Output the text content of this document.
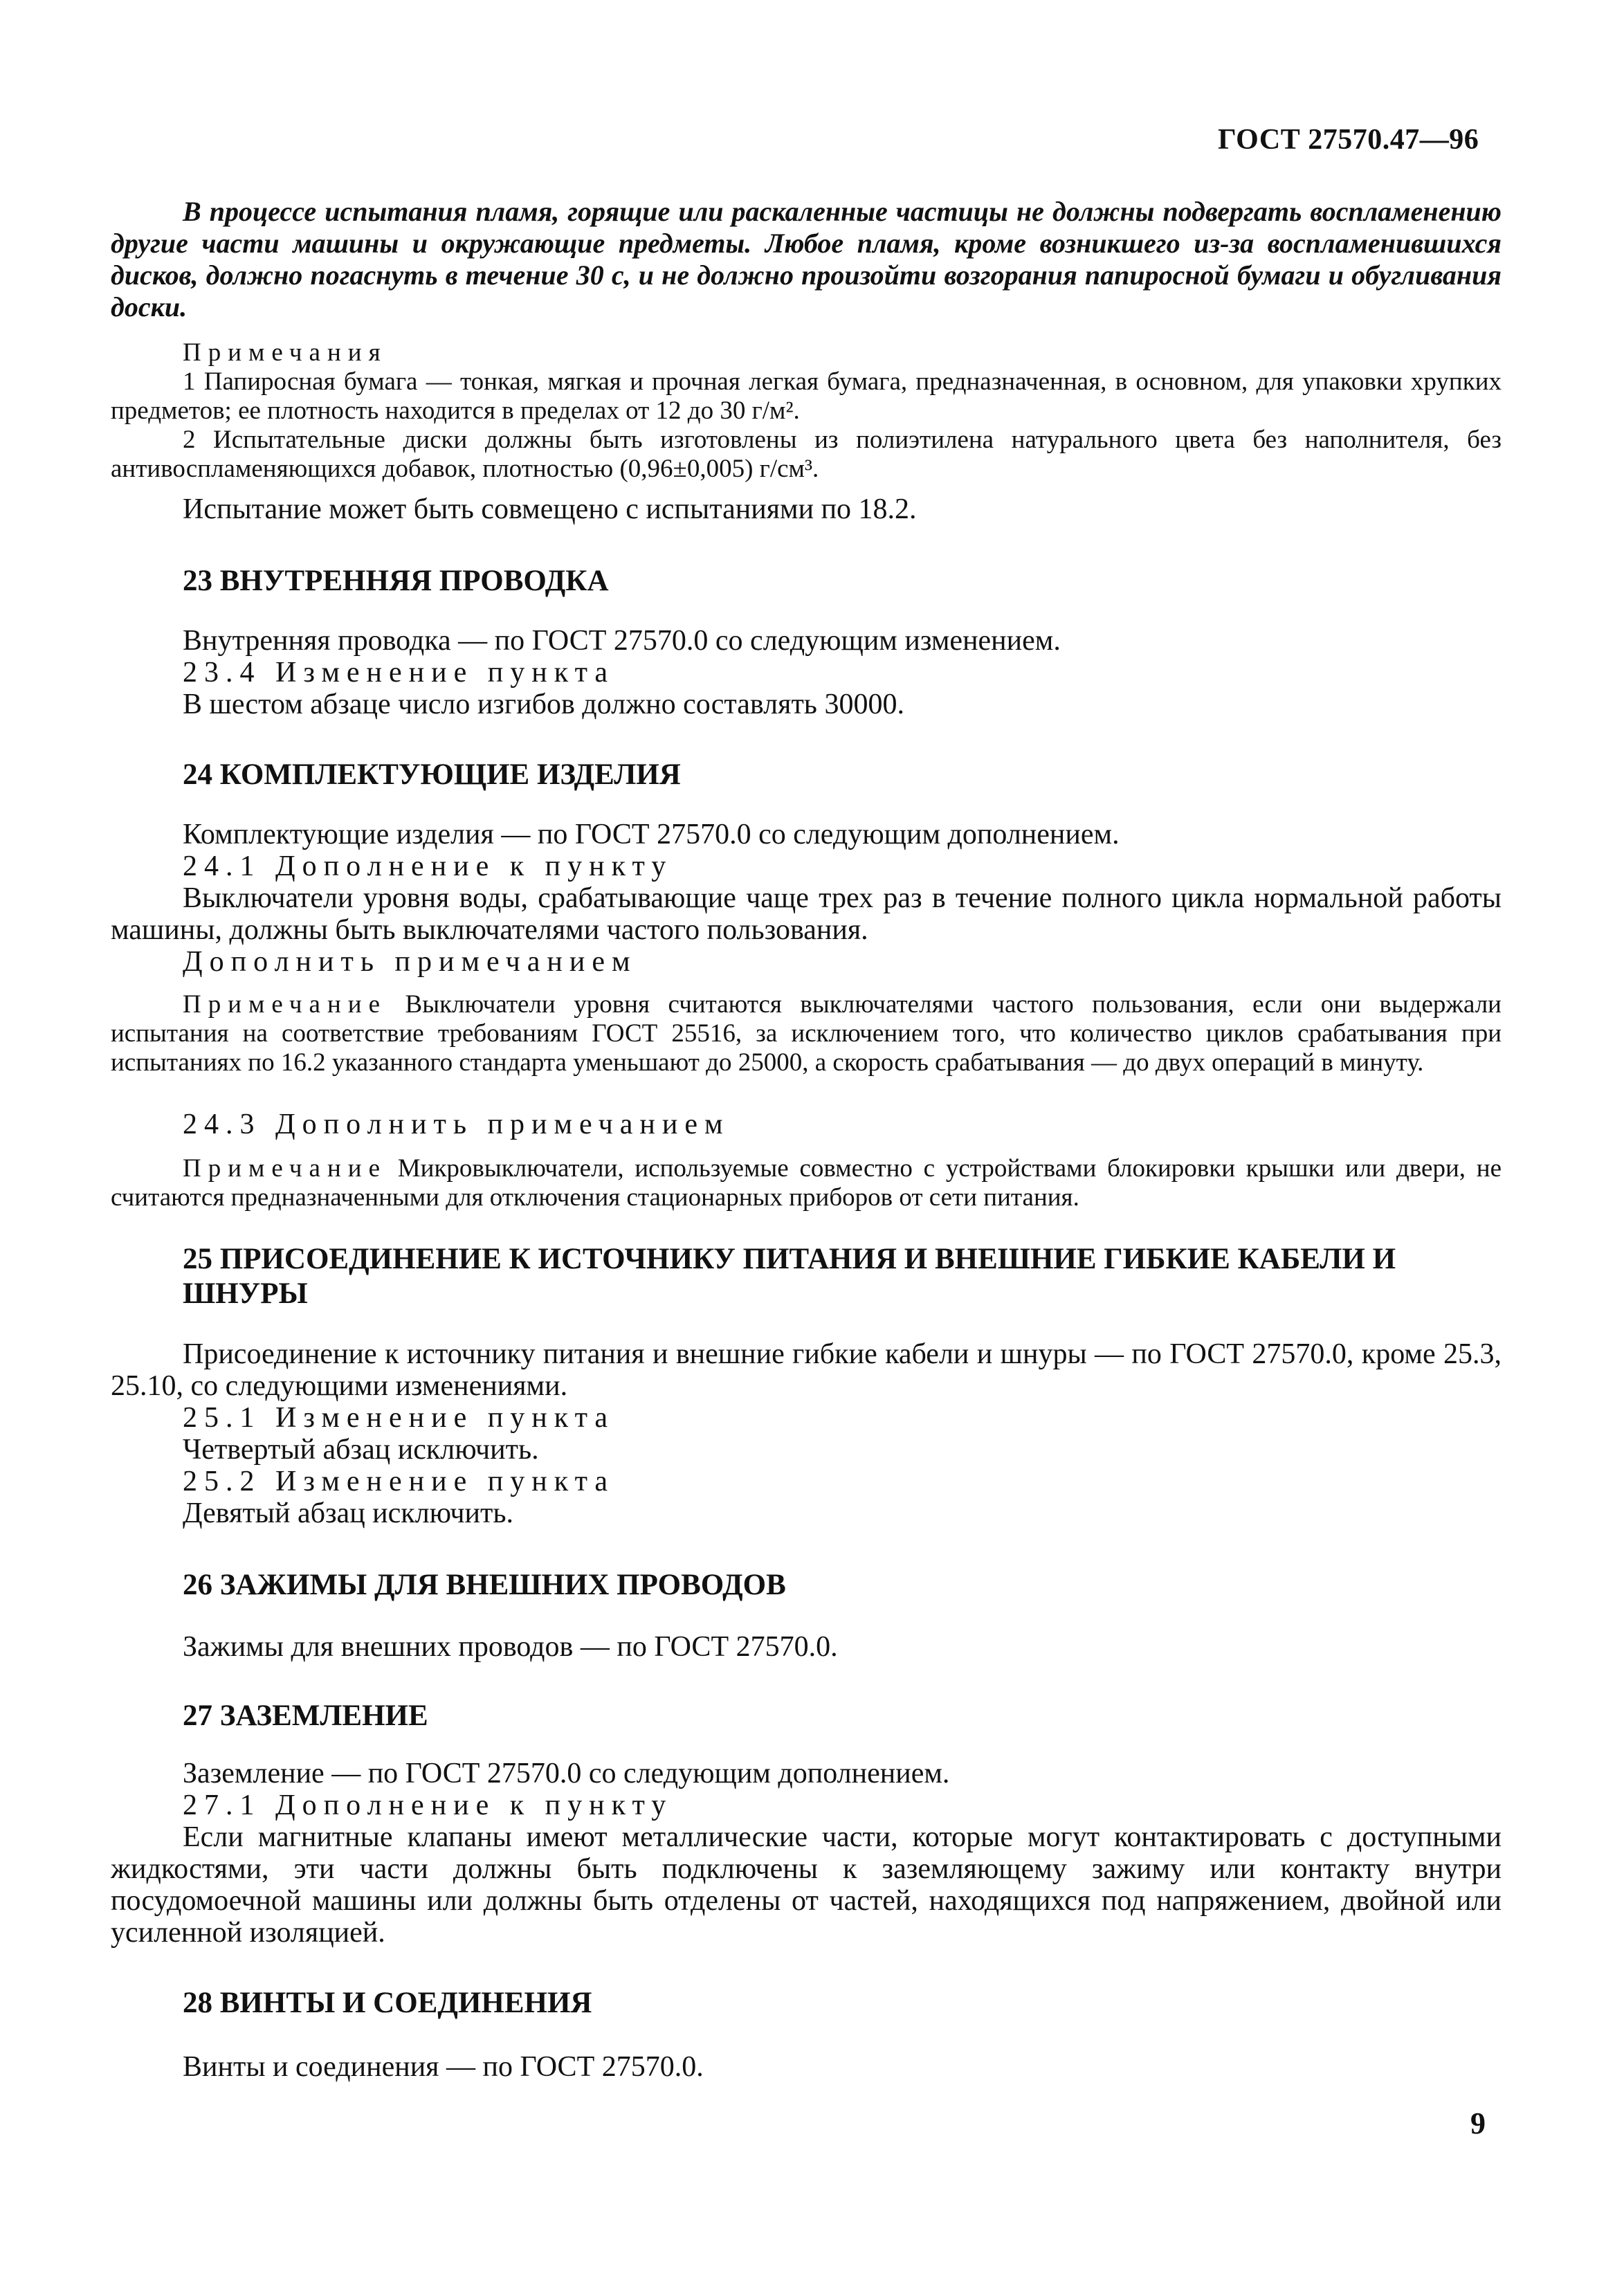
ГОСТ 27570.47—96

В процессе испытания пламя, горящие или раскаленные частицы не должны подвергать воспламенению другие части машины и окружающие предметы. Любое пламя, кроме возникшего из-за воспламенившихся дисков, должно погаснуть в течение 30 с, и не должно произойти возгорания папиросной бумаги и обугливания доски.

Примечания

1 Папиросная бумага — тонкая, мягкая и прочная легкая бумага, предназначенная, в основном, для упаковки хрупких предметов; ее плотность находится в пределах от 12 до 30 г/м².

2 Испытательные диски должны быть изготовлены из полиэтилена натурального цвета без наполнителя, без антивоспламеняющихся добавок, плотностью (0,96±0,005) г/см³.

Испытание может быть совмещено с испытаниями по 18.2.

23 ВНУТРЕННЯЯ ПРОВОДКА

Внутренняя проводка — по ГОСТ 27570.0 со следующим изменением.

23.4 Изменение пункта

В шестом абзаце число изгибов должно составлять 30000.

24 КОМПЛЕКТУЮЩИЕ ИЗДЕЛИЯ

Комплектующие изделия — по ГОСТ 27570.0 со следующим дополнением.

24.1 Дополнение к пункту

Выключатели уровня воды, срабатывающие чаще трех раз в течение полного цикла нормальной работы машины, должны быть выключателями частого пользования.

Дополнить примечанием

Примечание Выключатели уровня считаются выключателями частого пользования, если они выдержали испытания на соответствие требованиям ГОСТ 25516, за исключением того, что количество циклов срабатывания при испытаниях по 16.2 указанного стандарта уменьшают до 25000, а скорость срабатывания — до двух операций в минуту.

24.3 Дополнить примечанием

Примечание Микровыключатели, используемые совместно с устройствами блокировки крышки или двери, не считаются предназначенными для отключения стационарных приборов от сети питания.

25 ПРИСОЕДИНЕНИЕ К ИСТОЧНИКУ ПИТАНИЯ И ВНЕШНИЕ ГИБКИЕ КАБЕЛИ И ШНУРЫ

Присоединение к источнику питания и внешние гибкие кабели и шнуры — по ГОСТ 27570.0, кроме 25.3, 25.10, со следующими изменениями.

25.1 Изменение пункта

Четвертый абзац исключить.

25.2 Изменение пункта

Девятый абзац исключить.

26 ЗАЖИМЫ ДЛЯ ВНЕШНИХ ПРОВОДОВ

Зажимы для внешних проводов — по ГОСТ 27570.0.

27 ЗАЗЕМЛЕНИЕ

Заземление — по ГОСТ 27570.0 со следующим дополнением.

27.1 Дополнение к пункту

Если магнитные клапаны имеют металлические части, которые могут контактировать с доступными жидкостями, эти части должны быть подключены к заземляющему зажиму или контакту внутри посудомоечной машины или должны быть отделены от частей, находящихся под напряжением, двойной или усиленной изоляцией.

28 ВИНТЫ И СОЕДИНЕНИЯ

Винты и соединения — по ГОСТ 27570.0.

9
